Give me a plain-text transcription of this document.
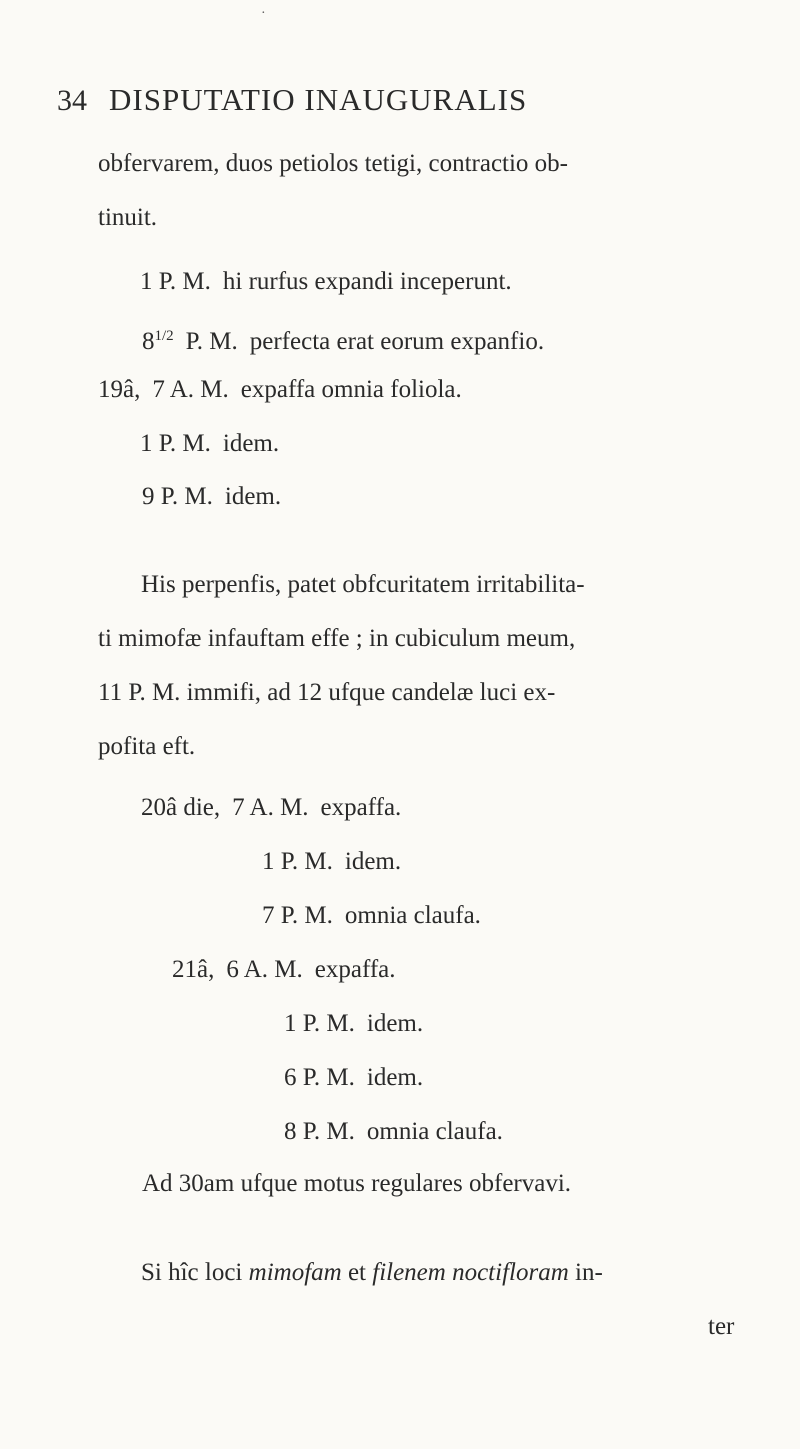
·
34 DISPUTATIO INAUGURALIS
obfervarem, duos petiolos tetigi, contractio ob-
tinuit.
1 P. M. hi rurfus expandi inceperunt.
$8^{1/2}$ P. M. perfecta erat eorum expanfio.
19â, 7 A. M. expaffa omnia foliola.
1 P. M. idem.
9 P. M. idem.
His perpenfis, patet obfcuritatem irritabilita-
ti mimofæ infauftam effe ; in cubiculum meum,
11 P. M. immifi, ad 12 ufque candelæ luci ex-
pofita eft.
20â die, 7 A. M. expaffa.
1 P. M. idem.
7 P. M. omnia claufa.
21â, 6 A. M. expaffa.
1 P. M. idem.
6 P. M. idem.
8 P. M. omnia claufa.
Ad 30am ufque motus regulares obfervavi.
Si hîc loci mimofam et filenem noctifloram in-
ter
